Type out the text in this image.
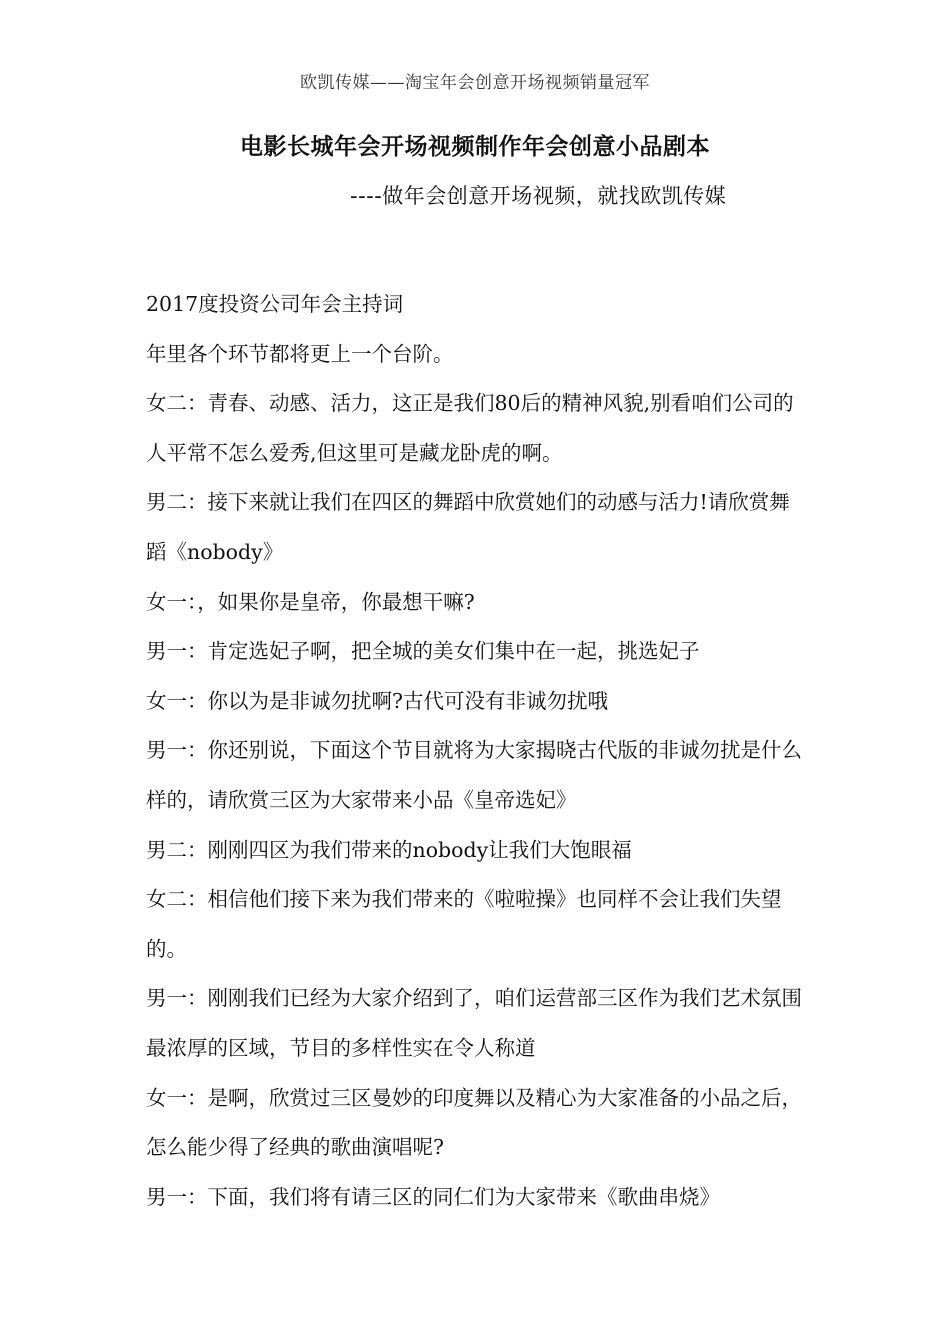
欧凯传媒——淘宝年会创意开场视频销量冠军
电影长城年会开场视频制作年会创意小品剧本
----做年会创意开场视频，就找欧凯传媒

2017度投资公司年会主持词

年里各个环节都将更上一个台阶。

女二：青春、动感、活力，这正是我们80后的精神风貌,别看咱们公司的人平常不怎么爱秀,但这里可是藏龙卧虎的啊。

男二：接下来就让我们在四区的舞蹈中欣赏她们的动感与活力!请欣赏舞蹈《nobody》

女一：，如果你是皇帝，你最想干嘛?

男一：肯定选妃子啊，把全城的美女们集中在一起，挑选妃子

女一：你以为是非诚勿扰啊?古代可没有非诚勿扰哦

男一：你还别说，下面这个节目就将为大家揭晓古代版的非诚勿扰是什么样的，请欣赏三区为大家带来小品《皇帝选妃》

男二：刚刚四区为我们带来的nobody让我们大饱眼福

女二：相信他们接下来为我们带来的《啦啦操》也同样不会让我们失望的。

男一：刚刚我们已经为大家介绍到了，咱们运营部三区作为我们艺术氛围最浓厚的区域，节目的多样性实在令人称道

女一：是啊，欣赏过三区曼妙的印度舞以及精心为大家准备的小品之后，怎么能少得了经典的歌曲演唱呢?

男一：下面，我们将有请三区的同仁们为大家带来《歌曲串烧》
